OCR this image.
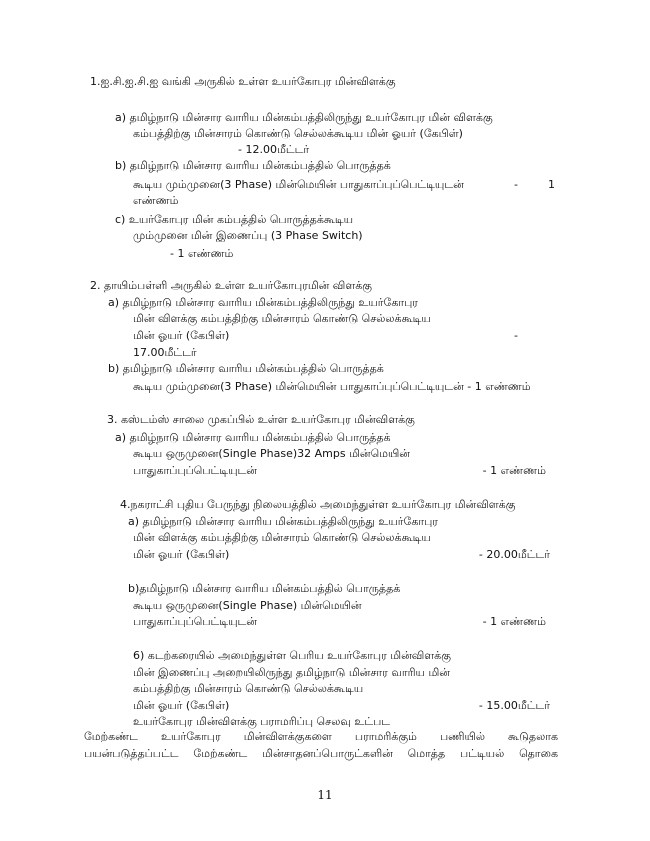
1.ஐ.சி.ஐ.சி.ஐ வங்கி அருகில் உள்ள உயர்கோபுர மின்விளக்கு
a) தமிழ்நாடு மின்சார வாரிய மின்கம்பத்திலிருந்து உயர்கோபுர மின் விளக்கு
கம்பத்திற்கு மின்சாரம் கொண்டு செல்லக்கூடிய மின் ஓயர் (கேபிள்)
- 12.00மீட்டர்
b) தமிழ்நாடு மின்சார வாரிய மின்கம்பத்தில் பொருத்தக்
கூடிய மும்முனை(3 Phase) மின்மெயின் பாதுகாப்புப்பெட்டியுடன்	-	1
எண்ணம்
c) உயர்கோபுர மின் கம்பத்தில் பொருத்தக்கூடிய
மும்முனை மின் இணைப்பு (3 Phase Switch)
- 1 எண்ணம்
2. தாயிம்பள்ளி அருகில் உள்ள உயர்கோபுரமின் விளக்கு
a) தமிழ்நாடு மின்சார வாரிய மின்கம்பத்திலிருந்து உயர்கோபுர
மின் விளக்கு கம்பத்திற்கு மின்சாரம் கொண்டு செல்லக்கூடிய
மின் ஓயர் (கேபிள்)	-
17.00மீட்டர்
b) தமிழ்நாடு மின்சார வாரிய மின்கம்பத்தில் பொருத்தக்
கூடிய மும்முனை(3 Phase) மின்மெயின் பாதுகாப்புப்பெட்டியுடன் - 1 எண்ணம்
3. கஸ்டம்ஸ் சாலை முகப்பில் உள்ள உயர்கோபுர மின்விளக்கு
a) தமிழ்நாடு மின்சார வாரிய மின்கம்பத்தில் பொருத்தக்
கூடிய ஒருமுனை(Single Phase)32 Amps மின்மெயின்
பாதுகாப்புப்பெட்டியுடன்	- 1 எண்ணம்
4.நகராட்சி புதிய பேருந்து நிலையத்தில் அமைந்துள்ள உயர்கோபுர மின்விளக்கு
a) தமிழ்நாடு மின்சார வாரிய மின்கம்பத்திலிருந்து உயர்கோபுர
மின் விளக்கு கம்பத்திற்கு மின்சாரம் கொண்டு செல்லக்கூடிய
மின் ஓயர் (கேபிள்)	- 20.00மீட்டர்
b)தமிழ்நாடு மின்சார வாரிய மின்கம்பத்தில் பொருத்தக்
கூடிய ஒருமுனை(Single Phase) மின்மெயின்
பாதுகாப்புப்பெட்டியுடன்	- 1 எண்ணம்
6) கடற்கரையில் அமைந்துள்ள பெரிய உயர்கோபுர மின்விளக்கு
மின் இணைப்பு அறையிலிருந்து தமிழ்நாடு மின்சார வாரிய மின்
கம்பத்திற்கு மின்சாரம் கொண்டு செல்லக்கூடிய
மின் ஓயர் (கேபிள்)	- 15.00மீட்டர்
உயர்கோபுர மின்விளக்கு பராமரிப்பு செலவு உட்பட
மேற்கண்ட உயர்கோபுர மின்விளக்குகளை பராமரிக்கும் பணியில் கூடுதலாக
பயன்படுத்தப்பட்ட மேற்கண்ட மின்சாதனப்பொருட்களின் மொத்த பட்டியல் தொகை
11
